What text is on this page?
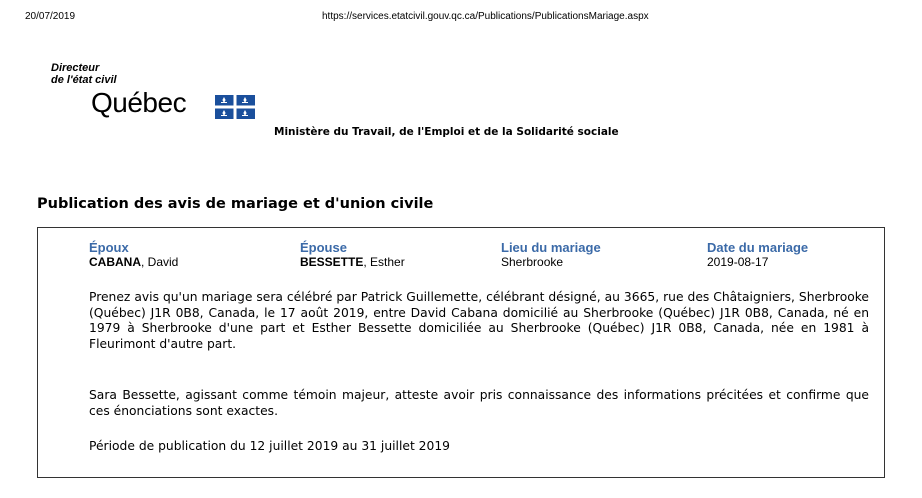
20/07/2019	https://services.etatcivil.gouv.qc.ca/Publications/PublicationsMariage.aspx
Directeur
de l'état civil
Québec
Ministère du Travail, de l'Emploi et de la Solidarité sociale
Publication des avis de mariage et d'union civile
Époux
CABANA, David
Épouse
BESSETTE, Esther
Lieu du mariage
Sherbrooke
Date du mariage
2019-08-17

Prenez avis qu'un mariage sera célébré par Patrick Guillemette, célébrant désigné, au 3665, rue des Châtaigniers, Sherbrooke (Québec) J1R 0B8, Canada, le 17 août 2019, entre David Cabana domicilié au Sherbrooke (Québec) J1R 0B8, Canada, né en 1979 à Sherbrooke d'une part et Esther Bessette domiciliée au Sherbrooke (Québec) J1R 0B8, Canada, née en 1981 à Fleurimont d'autre part.

Sara Bessette, agissant comme témoin majeur, atteste avoir pris connaissance des informations précitées et confirme que ces énonciations sont exactes.

Période de publication du 12 juillet 2019 au 31 juillet 2019
